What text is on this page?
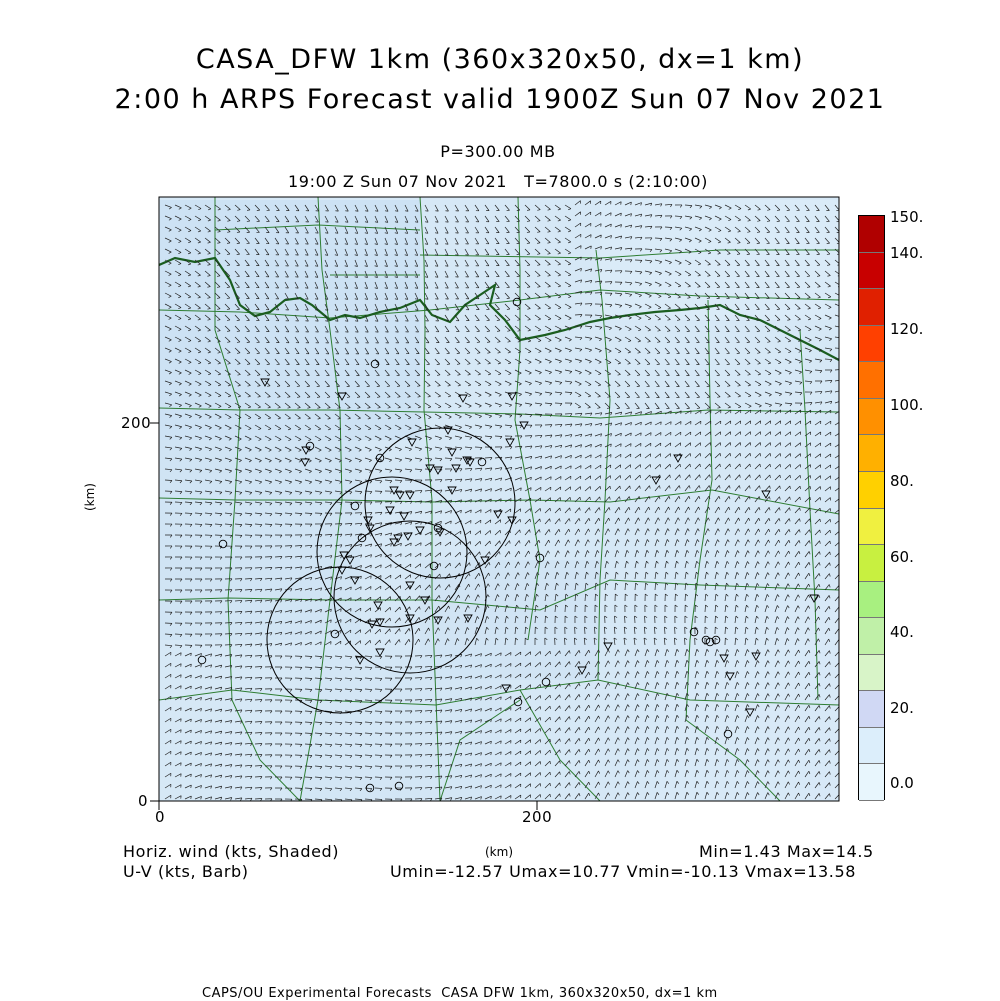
CASA_DFW 1km (360x320x50, dx=1 km)
2:00 h ARPS Forecast valid 1900Z Sun 07 Nov 2021
P=300.00 MB
19:00 Z Sun 07 Nov 2021   T=7800.0 s (2:10:00)
200
0
0	200
(km)
(km)
150.
140.
120.
100.
80.
60.
40.
20.
0.0
Horiz. wind (kts, Shaded)
U-V (kts, Barb)
Min=1.43 Max=14.5
Umin=-12.57 Umax=10.77 Vmin=-10.13 Vmax=13.58
CAPS/OU Experimental Forecasts  CASA DFW 1km, 360x320x50, dx=1 km
